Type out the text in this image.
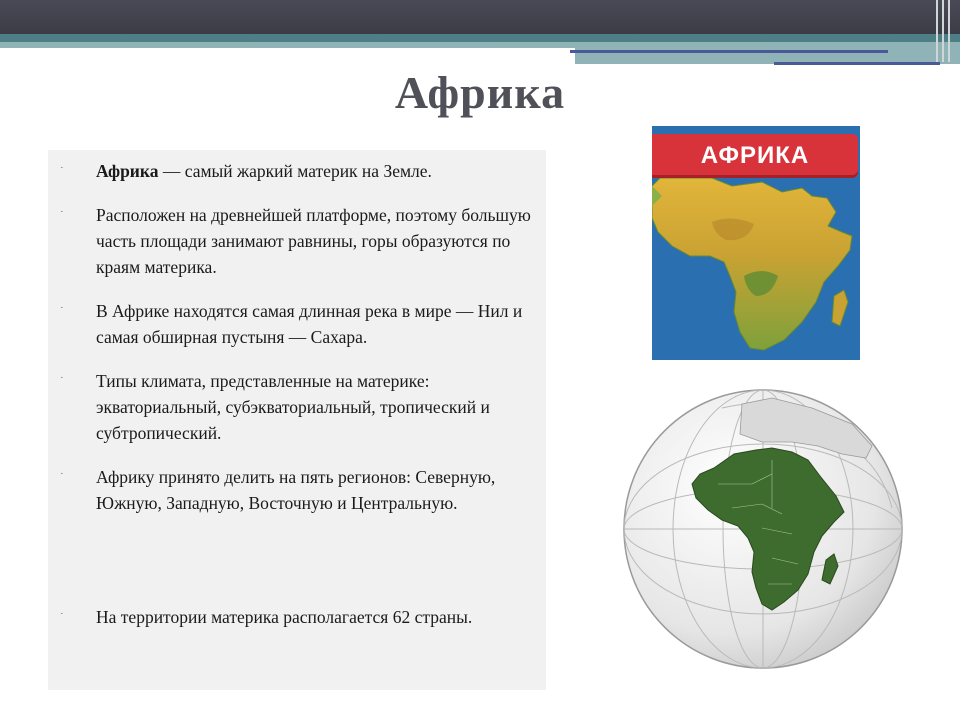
Африка
˙ Африка — самый жаркий материк на Земле.
˙ Расположен на древнейшей платформе, поэтому большую часть площади занимают равнины, горы образуются по краям материка.
˙ В Африке находятся самая длинная река в мире — Нил и самая обширная пустыня — Сахара.
˙ Типы климата, представленные на материке: экваториальный, субэкваториальный, тропический и субтропический.
˙ Африку принято делить на пять регионов: Северную, Южную, Западную, Восточную и Центральную.
˙ На территории материка располагается 62 страны.
АФРИКА
